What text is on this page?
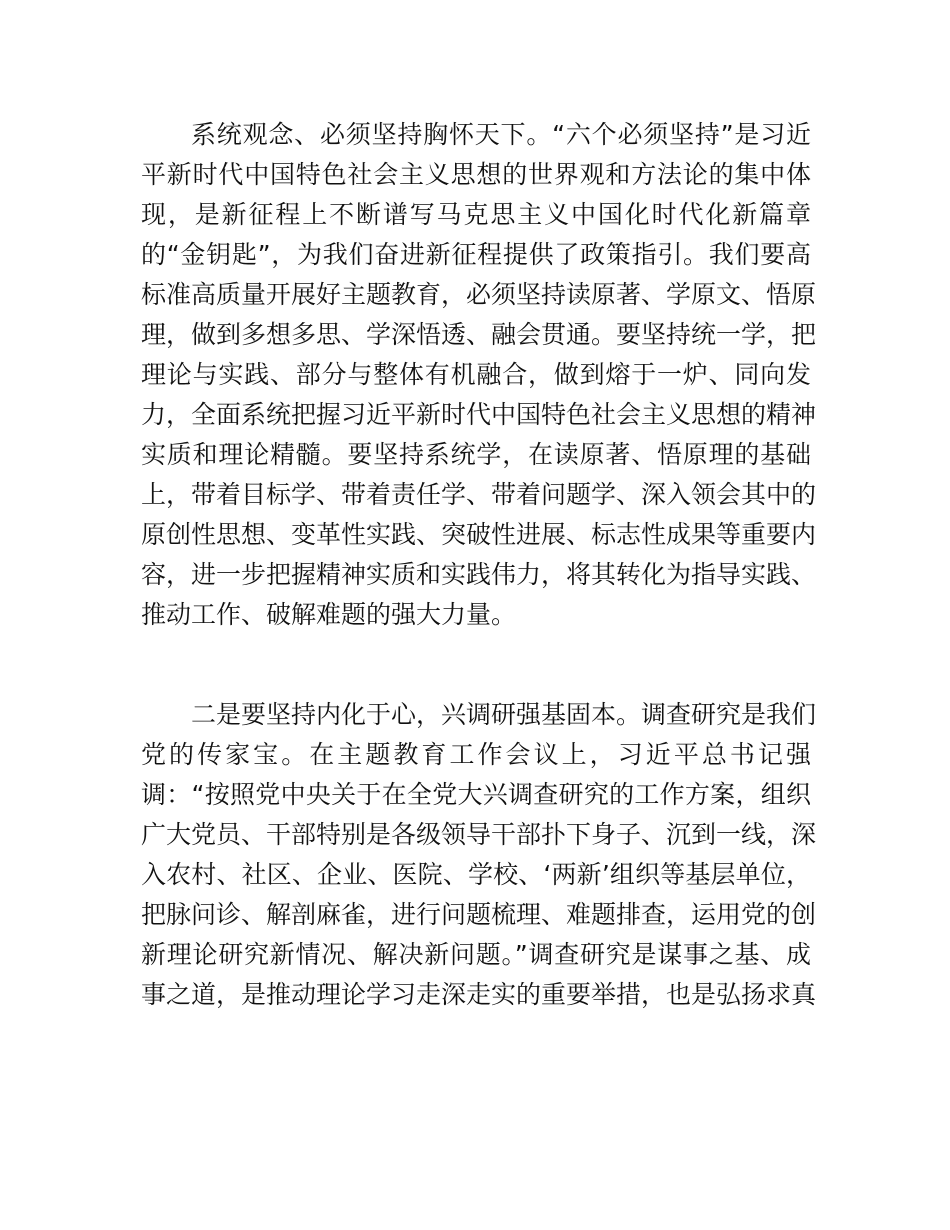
系统观念、必须坚持胸怀天下。“六个必须坚持”是习近
平新时代中国特色社会主义思想的世界观和方法论的集中体
现，是新征程上不断谱写马克思主义中国化时代化新篇章
的“金钥匙”，为我们奋进新征程提供了政策指引。我们要高
标准高质量开展好主题教育，必须坚持读原著、学原文、悟原
理，做到多想多思、学深悟透、融会贯通。要坚持统一学，把
理论与实践、部分与整体有机融合，做到熔于一炉、同向发
力，全面系统把握习近平新时代中国特色社会主义思想的精神
实质和理论精髓。要坚持系统学，在读原著、悟原理的基础
上，带着目标学、带着责任学、带着问题学、深入领会其中的
原创性思想、变革性实践、突破性进展、标志性成果等重要内
容，进一步把握精神实质和实践伟力，将其转化为指导实践、
推动工作、破解难题的强大力量。
二是要坚持内化于心，兴调研强基固本。调查研究是我们
党的传家宝。在主题教育工作会议上，习近平总书记强
调：“按照党中央关于在全党大兴调查研究的工作方案，组织
广大党员、干部特别是各级领导干部扑下身子、沉到一线，深
入农村、社区、企业、医院、学校、‘两新’组织等基层单位，
把脉问诊、解剖麻雀，进行问题梳理、难题排查，运用党的创
新理论研究新情况、解决新问题。”调查研究是谋事之基、成
事之道，是推动理论学习走深走实的重要举措，也是弘扬求真
